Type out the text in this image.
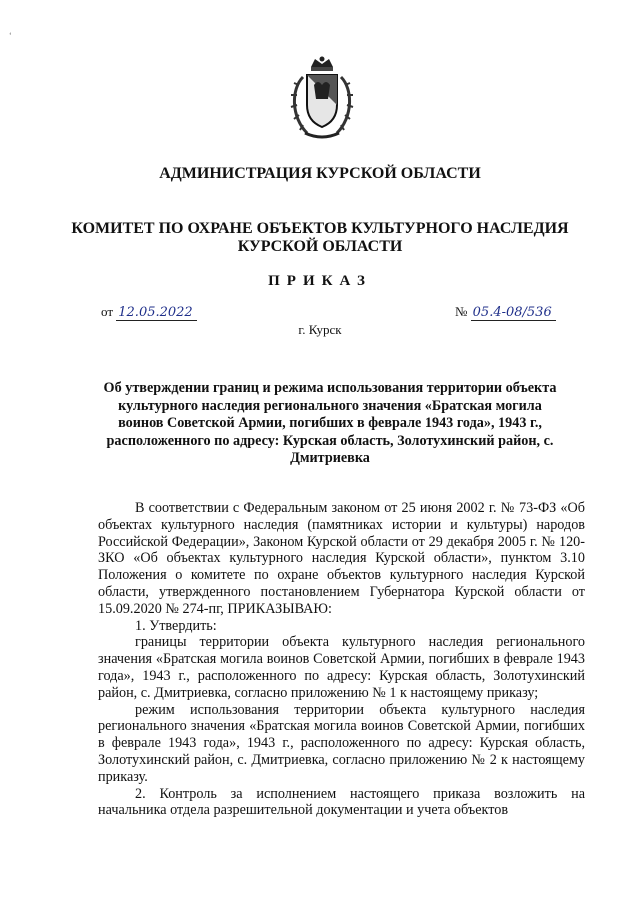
ʻ
АДМИНИСТРАЦИЯ КУРСКОЙ ОБЛАСТИ
КОМИТЕТ ПО ОХРАНЕ ОБЪЕКТОВ КУЛЬТУРНОГО НАСЛЕДИЯ
КУРСКОЙ ОБЛАСТИ
ПРИКАЗ
от 12.05.2022	№ 05.4-08/536
г. Курск
Об утверждении границ и режима использования территории объекта культурного наследия регионального значения «Братская могила воинов Советской Армии, погибших в феврале 1943 года», 1943 г., расположенного по адресу: Курская область, Золотухинский район, с. Дмитриевка

В соответствии с Федеральным законом от 25 июня 2002 г. № 73-ФЗ «Об объектах культурного наследия (памятниках истории и культуры) народов Российской Федерации», Законом Курской области от 29 декабря 2005 г. № 120-ЗКО «Об объектах культурного наследия Курской области», пунктом 3.10 Положения о комитете по охране объектов культурного наследия Курской области, утвержденного постановлением Губернатора Курской области от 15.09.2020 № 274-пг, ПРИКАЗЫВАЮ:

1. Утвердить:

границы территории объекта культурного наследия регионального значения «Братская могила воинов Советской Армии, погибших в феврале 1943 года», 1943 г., расположенного по адресу: Курская область, Золотухинский район, с. Дмитриевка, согласно приложению № 1 к настоящему приказу;

режим использования территории объекта культурного наследия регионального значения «Братская могила воинов Советской Армии, погибших в феврале 1943 года», 1943 г., расположенного по адресу: Курская область, Золотухинский район, с. Дмитриевка, согласно приложению № 2 к настоящему приказу.

2. Контроль за исполнением настоящего приказа возложить на начальника отдела разрешительной документации и учета объектов
